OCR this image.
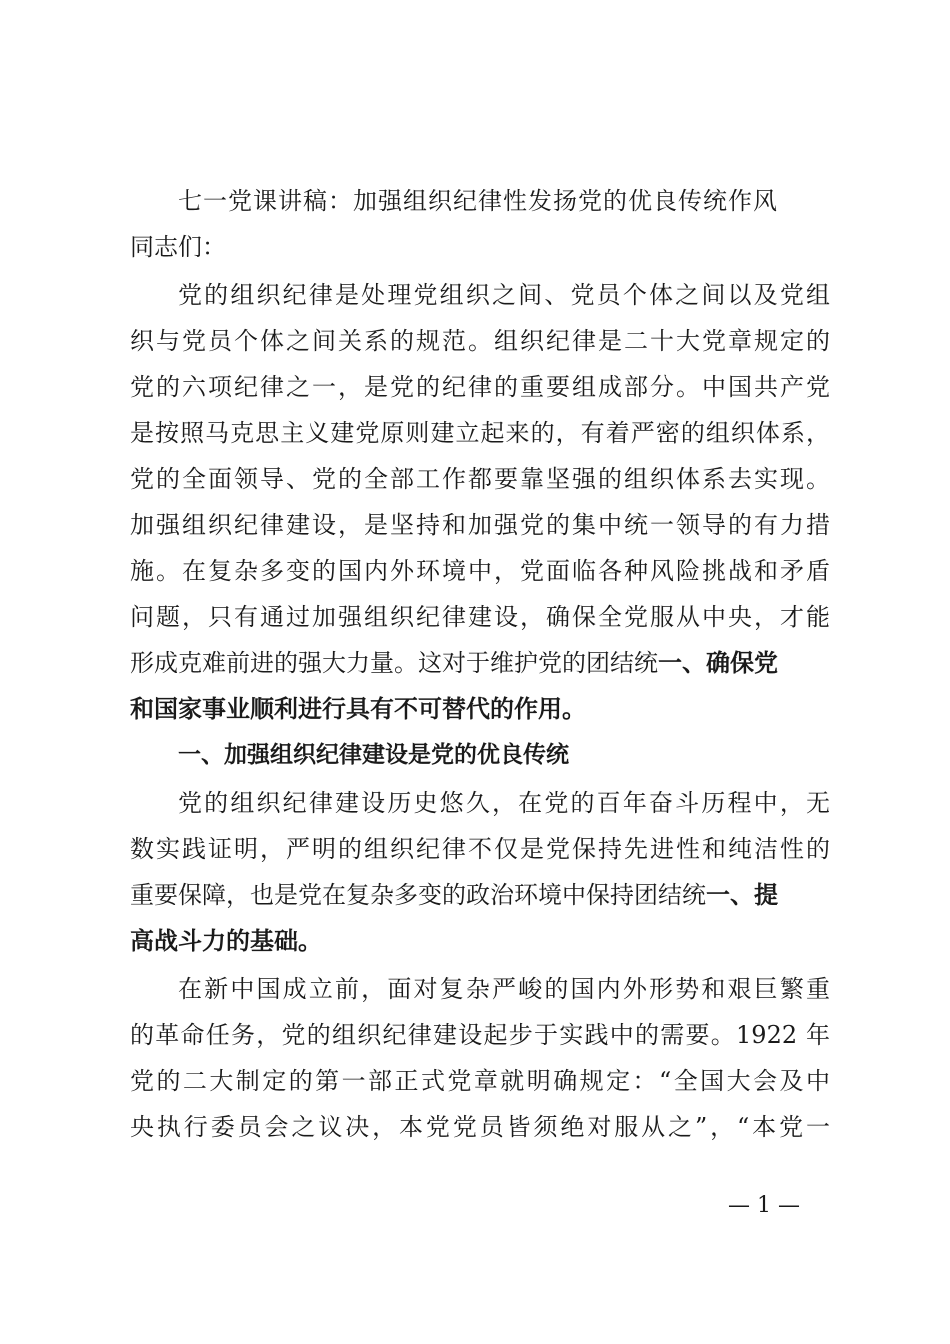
七一党课讲稿：加强组织纪律性发扬党的优良传统作风
同志们：
党的组织纪律是处理党组织之间、党员个体之间以及党组
织与党员个体之间关系的规范。组织纪律是二十大党章规定的
党的六项纪律之一，是党的纪律的重要组成部分。中国共产党
是按照马克思主义建党原则建立起来的，有着严密的组织体系，
党的全面领导、党的全部工作都要靠坚强的组织体系去实现。
加强组织纪律建设，是坚持和加强党的集中统一领导的有力措
施。在复杂多变的国内外环境中，党面临各种风险挑战和矛盾
问题，只有通过加强组织纪律建设，确保全党服从中央，才能
形成克难前进的强大力量。这对于维护党的团结统一、确保党
和国家事业顺利进行具有不可替代的作用。
一、加强组织纪律建设是党的优良传统
党的组织纪律建设历史悠久，在党的百年奋斗历程中，无
数实践证明，严明的组织纪律不仅是党保持先进性和纯洁性的
重要保障，也是党在复杂多变的政治环境中保持团结统一、提
高战斗力的基础。
在新中国成立前，面对复杂严峻的国内外形势和艰巨繁重
的革命任务，党的组织纪律建设起步于实践中的需要。1922 年
党的二大制定的第一部正式党章就明确规定：“全国大会及中
央执行委员会之议决，本党党员皆须绝对服从之”，“本党一
— 1 —
